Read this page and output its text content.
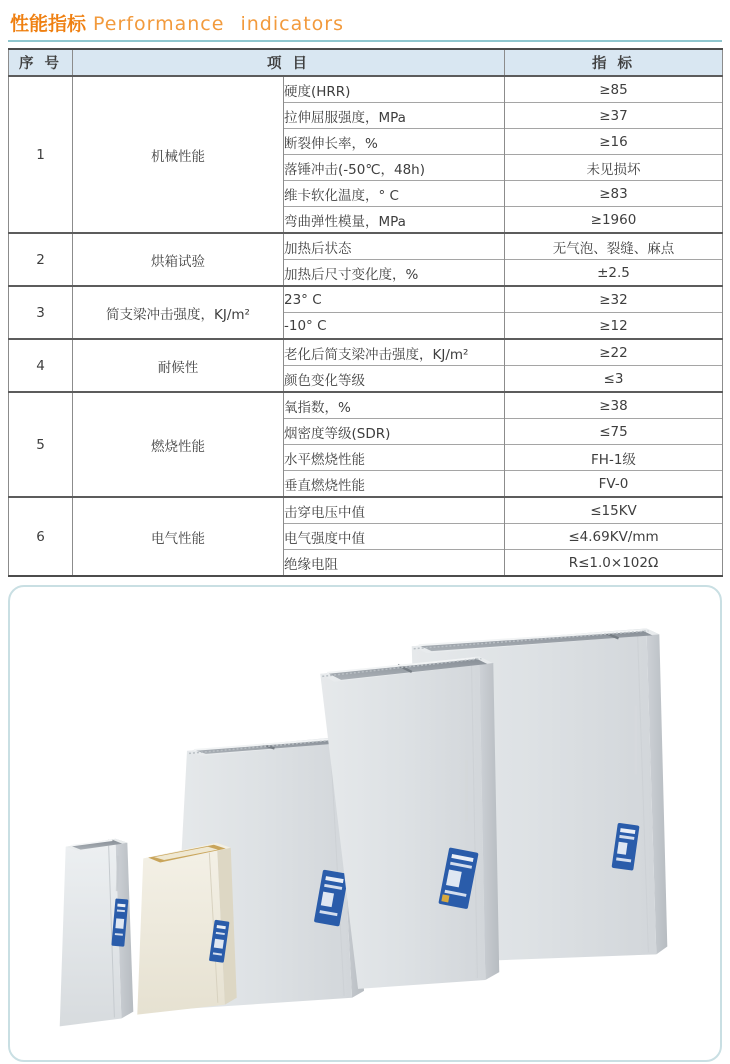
性能指标 Performance indicators
序 号	项 目		指 标
1	机械性能	硬度(HRR)	≥85
		拉伸屈服强度，MPa	≥37
		断裂伸长率，%	≥16
		落锤冲击(-50℃，48h)	未见损坏
		维卡软化温度，° C	≥83
		弯曲弹性模量，MPa	≥1960
2	烘箱试验	加热后状态	无气泡、裂缝、麻点
		加热后尺寸变化度，%	±2.5
3	简支梁冲击强度，KJ/m²	23° C	≥32
		-10° C	≥12
4	耐候性	老化后简支梁冲击强度，KJ/m²	≥22
		颜色变化等级	≤3
5	燃烧性能	氧指数，%	≥38
		烟密度等级(SDR)	≤75
		水平燃烧性能	FH-1级
		垂直燃烧性能	FV-0
6	电气性能	击穿电压中值	≤15KV
		电气强度中值	≤4.69KV/mm
		绝缘电阻	R≤1.0×102Ω
